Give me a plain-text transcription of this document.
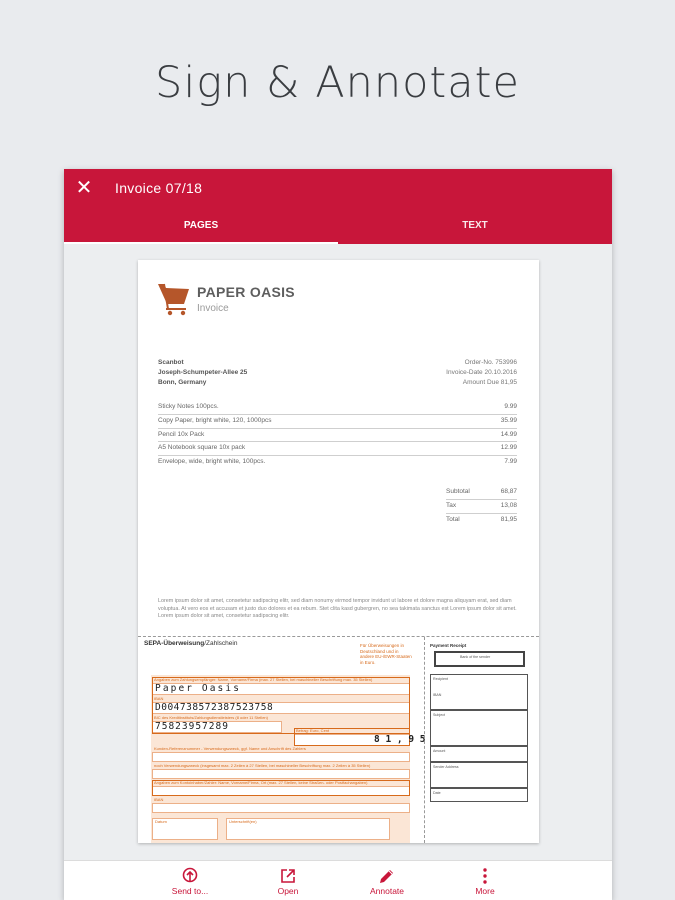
Sign & Annotate
✕ Invoice 07/18
PAGES	TEXT
PAPER OASIS
Invoice
Scanbot
Joseph-Schumpeter-Allee 25
Bonn, Germany
Order-No. 753996
Invoice-Date 20.10.2016
Amount Due 81,95
Sticky Notes 100pcs.	9.99
Copy Paper, bright white, 120, 1000pcs	35.99
Pencil 10x Pack	14.99
A5 Notebook square 10x pack	12.99
Envelope, wide, bright white, 100pcs.	7.99
Subtotal	68,87
Tax	13,08
Total	81,95
Lorem ipsum dolor sit amet, consetetur sadipscing elitr, sed diam nonumy eirmod tempor invidunt ut labore et dolore magna aliquyam erat, sed diam voluptua. At vero eos et accusam et justo duo dolores et ea rebum. Stet clita kasd gubergren, no sea takimata sanctus est Lorem ipsum dolor sit amet. Lorem ipsum dolor sit amet, consetetur sadipscing elitr.
SEPA-Überweisung/Zahlschein	Für Überweisungen in Deutschland und in andere EU-/EWR-Staaten in Euro.
Angaben zum Zahlungsempfänger: Name, Vorname/Firma (max. 27 Stellen, bei maschineller Beschriftung max. 35 Stellen)
Paper Oasis
IBAN
D004738572387523758
BIC des Kreditinstituts/Zahlungsdienstleisters (8 oder 11 Stellen)
75823957289	Betrag: Euro, Cent
8 1 , 9 5
Kunden-Referenznummer - Verwendungszweck, ggf. Name und Anschrift des Zahlers
noch Verwendungszweck (insgesamt max. 2 Zeilen à 27 Stellen, bei maschineller Beschriftung max. 2 Zeilen à 35 Stellen)
Angaben zum Kontoinhaber/Zahler: Name, Vorname/Firma, Ort (max. 27 Stellen, keine Straßen- oder Postfachangaben)
IBAN
Datum	Unterschrift(en)
Payment Receipt
Bank of the sender
Recipient
IBAN
Subject
Amount
Sender Address
Date
Send to...	Open	Annotate	More
